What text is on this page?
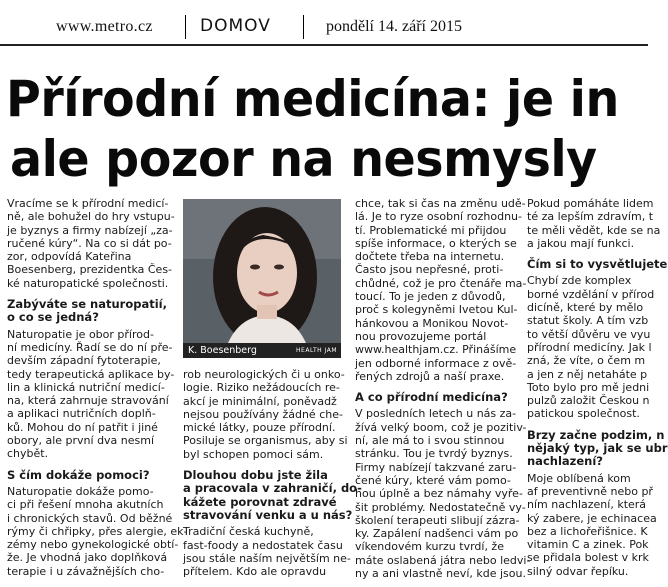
www.metro.cz	DOMOV	pondělí 14. září 2015
Přírodní medicína: je in
ale pozor na nesmysly

Vracíme se k přírodní medicí-
ně, ale bohužel do hry vstupu-
je byznys a firmy nabízejí „za-
ručené kúry“. Na co si dát po-
zor, odpovídá Kateřina
Boesenberg, prezidentka Čes-
ké naturopatické společnosti.

Zabýváte se naturopatií,
o co se jedná?

Naturopatie je obor přírod-
ní medicíny. Řadí se do ní pře-
devším západní fytoterapie,
tedy terapeutická aplikace by-
lin a klinická nutriční medicí-
na, která zahrnuje stravování
a aplikaci nutričních doplň-
ků. Mohou do ní patřit i jiné
obory, ale první dva nesmí
chybět.

S čím dokáže pomoci?

Naturopatie dokáže pomo-
ci při řešení mnoha akutních
i chronických stavů. Od běžné
rýmy či chřipky, přes alergie, ek-
zémy nebo gynekologické obtí-
že. Je vhodná jako doplňková
terapie i u závažnějších cho-

K. Boesenberg	HEALTH JAM

rob neurologických či u onko-
logie. Riziko nežádoucích re-
akcí je minimální, poněvadž
nejsou používány žádné che-
mické látky, pouze přírodní.
Posiluje se organismus, aby si
byl schopen pomoci sám.

Dlouhou dobu jste žila
a pracovala v zahraničí, do-
kážete porovnat zdravé
stravování venku a u nás?

Tradiční česká kuchyně,
fast-foody a nedostatek času
jsou stále naším největším ne-
přítelem. Kdo ale opravdu

chce, tak si čas na změnu udě-
lá. Je to ryze osobní rozhodnu-
tí. Problematické mi přijdou
spíše informace, o kterých se
dočtete třeba na internetu.
Často jsou nepřesné, proti-
chůdné, což je pro čtenáře ma-
toucí. To je jeden z důvodů,
proč s kolegyněmi Ivetou Kul-
hánkovou a Monikou Novot-
nou provozujeme portál
www.healthjam.cz. Přinášíme
jen odborné informace z ově-
řených zdrojů a naší praxe.

A co přírodní medicína?

V posledních letech u nás za-
žívá velký boom, což je pozitiv-
ní, ale má to i svou stinnou
stránku. Tou je tvrdý byznys.
Firmy nabízejí takzvané zaru-
čené kúry, které vám pomo-
hou úplně a bez námahy vyře-
šit problémy. Nedostatečně vy-
školení terapeuti slibují zázra-
ky. Zapálení nadšenci vám po
víkendovém kurzu tvrdí, že
máte oslabená játra nebo ledvi-
ny a ani vlastně neví, kde jsou.

Pokud pomáháte lidem
té za lepším zdravím, t
te měli vědět, kde se na
a jakou mají funkci.

Čím si to vysvětlujete

Chybí zde komplex
borné vzdělání v přírod
dicíně, které by mělo
statut školy. A tím vzb
to větší důvěru ve vyu
přírodní medicíny. Jak l
zná, že víte, o čem m
a jen z něj netaháte p
Toto bylo pro mě jedni
pulzů založit Českou n
patickou společnost.

Brzy začne podzim, n
nějaký typ, jak se ubr
nachlazení?

Moje oblíbená kom
af preventivně nebo př
ním nachlazení, která
ký zabere, je echinacea
bez a lichořeřišnice. K
vitamin C a zinek. Pok
se přidala bolest v krk
silný odvar řepíku.
